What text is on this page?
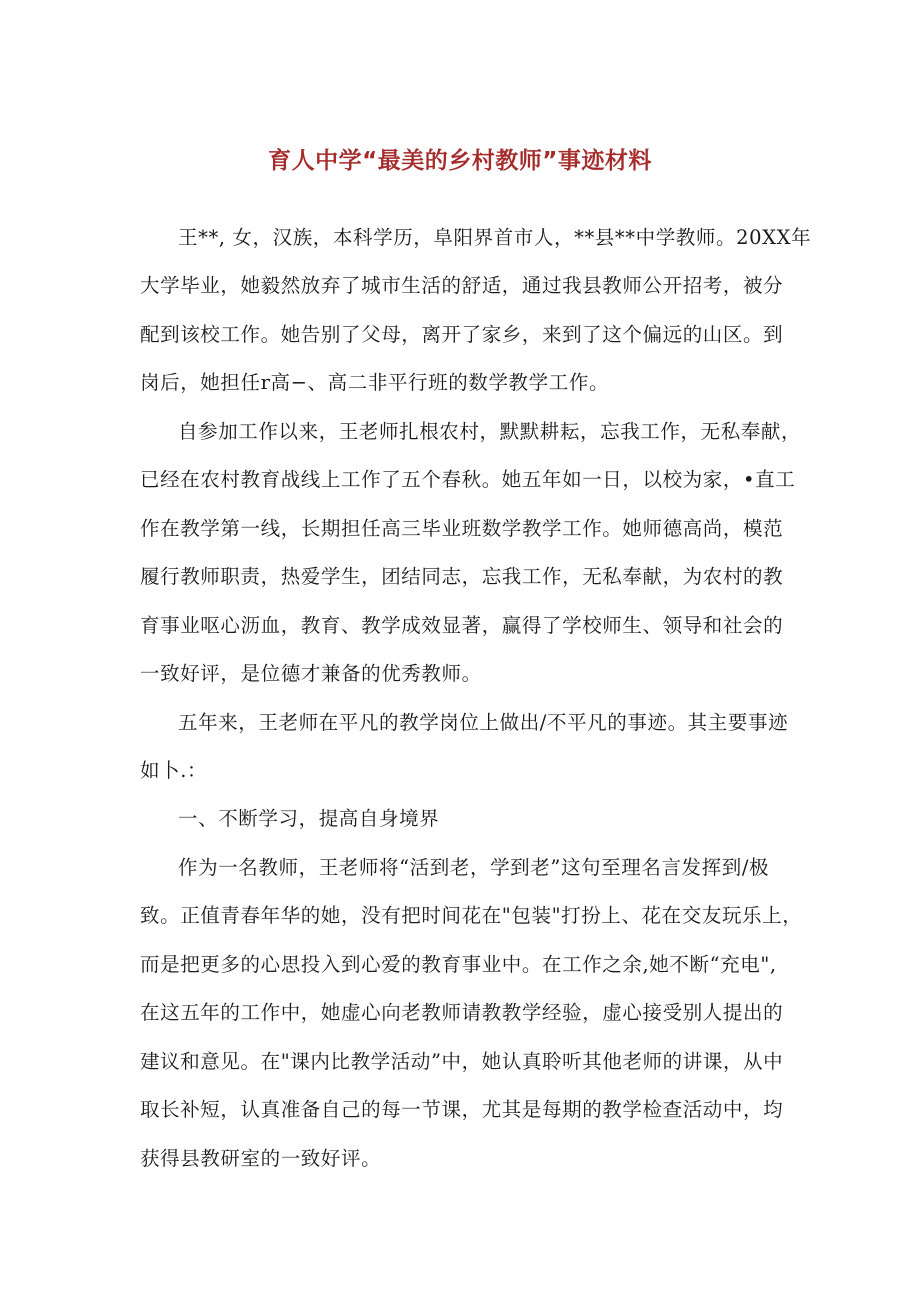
育人中学“最美的乡村教师”事迹材料
王**, 女，汉族，本科学历，阜阳界首市人，**县**中学教师。20XX年
大学毕业，她毅然放弃了城市生活的舒适，通过我县教师公开招考，被分
配到该校工作。她告别了父母，离开了家乡，来到了这个偏远的山区。到
岗后，她担任r高−、高二非平行班的数学教学工作。
自参加工作以来，王老师扎根农村，默默耕耘，忘我工作，无私奉献，
已经在农村教育战线上工作了五个春秋。她五年如一日，以校为家，•直工
作在教学第一线，长期担任高三毕业班数学教学工作。她师德高尚，模范
履行教师职责，热爱学生，团结同志，忘我工作，无私奉献，为农村的教
育事业呕心沥血，教育、教学成效显著，赢得了学校师生、领导和社会的
一致好评，是位德才兼备的优秀教师。
五年来，王老师在平凡的教学岗位上做出/不平凡的事迹。其主要事迹
如卜.：
一、不断学习，提高自身境界
作为一名教师，王老师将“活到老，学到老”这句至理名言发挥到/极
致。正值青春年华的她，没有把时间花在"包装"打扮上、花在交友玩乐上，
而是把更多的心思投入到心爱的教育事业中。在工作之余,她不断“充电",
在这五年的工作中，她虚心向老教师请教教学经验，虚心接受别人提出的
建议和意见。在"课内比教学活动”中，她认真聆听其他老师的讲课，从中
取长补短，认真准备自己的每一节课，尤其是每期的教学检查活动中，均
获得县教研室的一致好评。
